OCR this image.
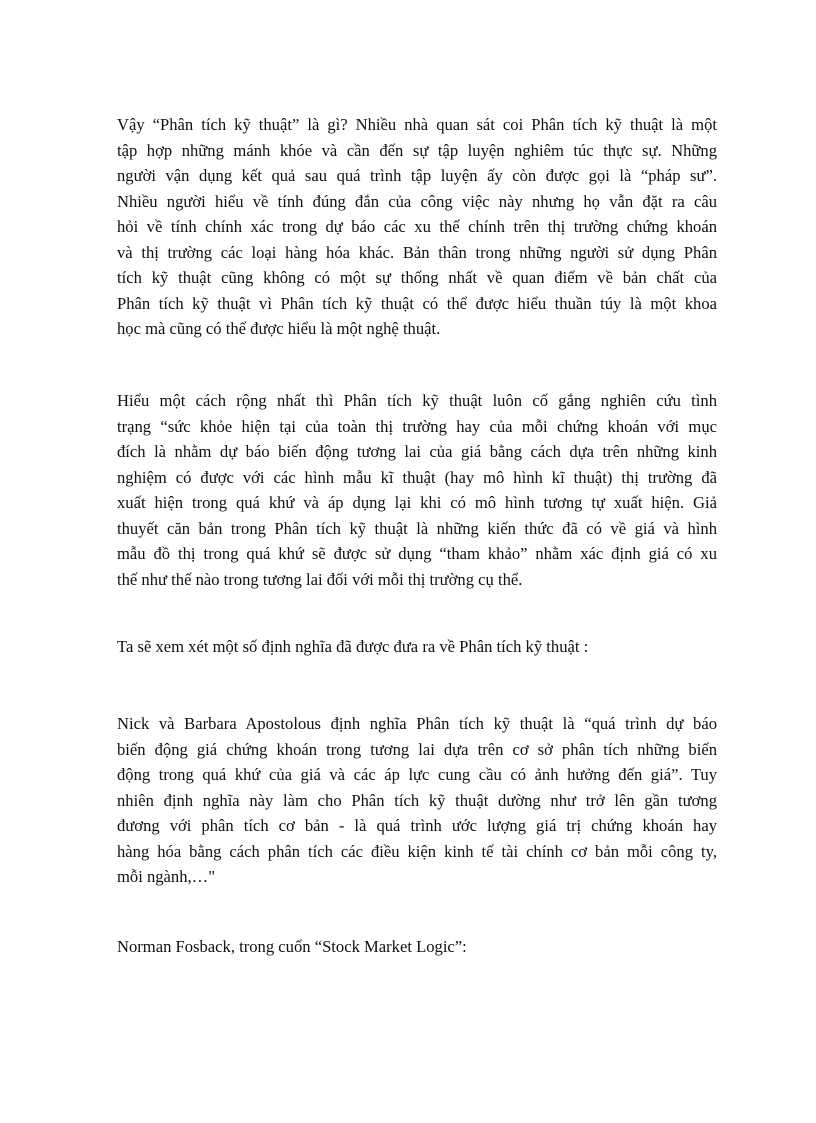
Vậy “Phân tích kỹ thuật” là gì? Nhiều nhà quan sát coi Phân tích kỹ thuật là một
tập hợp những mánh khóe và cần đến sự tập luyện nghiêm túc thực sự. Những
người vận dụng kết quả sau quá trình tập luyện ấy còn được gọi là “pháp sư”.
Nhiều người hiểu về tính đúng đắn của công việc này nhưng họ vẫn đặt ra câu
hỏi về tính chính xác trong dự báo các xu thế chính trên thị trường chứng khoán
và thị trường các loại hàng hóa khác. Bản thân trong những người sử dụng Phân
tích kỹ thuật cũng không có một sự thống nhất về quan điểm về bản chất của
Phân tích kỹ thuật vì Phân tích kỹ thuật có thể được hiểu thuần túy là một khoa
học mà cũng có thể được hiểu là một nghệ thuật.
Hiểu một cách rộng nhất thì Phân tích kỹ thuật luôn cố gắng nghiên cứu tình
trạng “sức khỏe hiện tại của toàn thị trường hay của mỗi chứng khoán với mục
đích là nhằm dự báo biến động tương lai của giá bằng cách dựa trên những kinh
nghiệm có được với các hình mẫu kĩ thuật (hay mô hình kĩ thuật) thị trường đã
xuất hiện trong quá khứ và áp dụng lại khi có mô hình tương tự xuất hiện. Giả
thuyết căn bản trong Phân tích kỹ thuật là những kiến thức đã có về giá và hình
mẫu đồ thị trong quá khứ sẽ được sử dụng “tham khảo” nhằm xác định giá có xu
thế như thế nào trong tương lai đối với mỗi thị trường cụ thể.
Ta sẽ xem xét một số định nghĩa đã được đưa ra về Phân tích kỹ thuật :
Nick và Barbara Apostolous định nghĩa Phân tích kỹ thuật là “quá trình dự báo
biến động giá chứng khoán trong tương lai dựa trên cơ sở phân tích những biến
động trong quá khứ của giá và các áp lực cung cầu có ảnh hưởng đến giá”. Tuy
nhiên định nghĩa này làm cho Phân tích kỹ thuật dường như trở lên gần tương
đương với phân tích cơ bản - là quá trình ước lượng giá trị chứng khoán hay
hàng hóa bằng cách phân tích các điều kiện kinh tế tài chính cơ bản mỗi công ty,
mỗi ngành,…"
Norman Fosback, trong cuốn “Stock Market Logic”:
